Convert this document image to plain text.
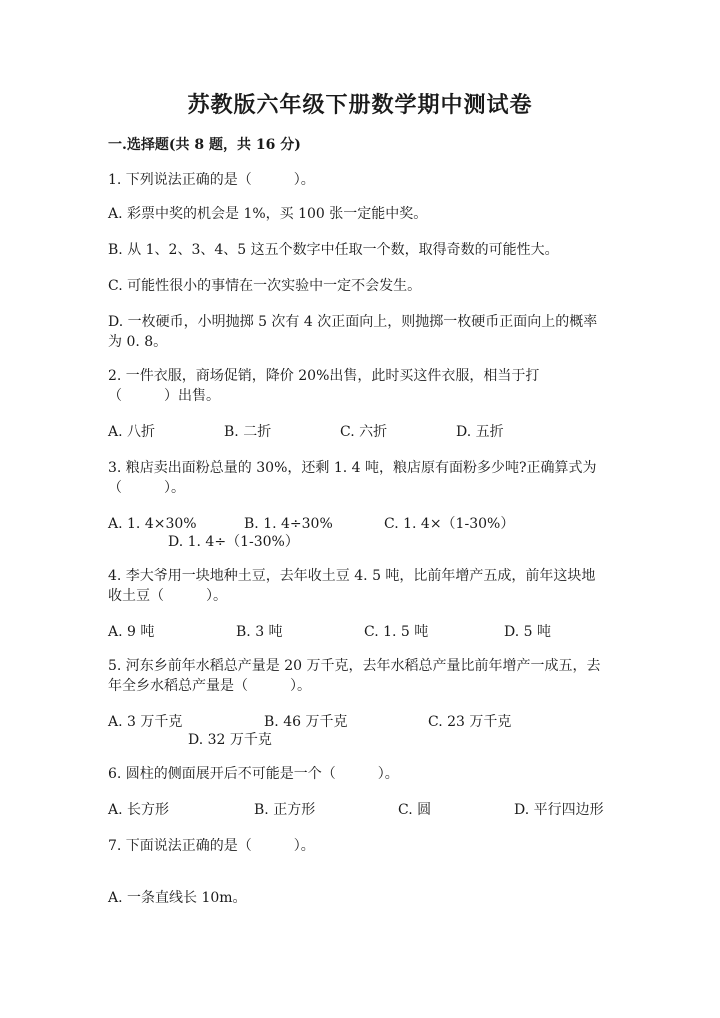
苏教版六年级下册数学期中测试卷
一.选择题(共 8 题，共 16 分)
1. 下列说法正确的是（　　　）。
A. 彩票中奖的机会是 1%，买 100 张一定能中奖。
B. 从 1、2、3、4、5 这五个数字中任取一个数，取得奇数的可能性大。
C. 可能性很小的事情在一次实验中一定不会发生。
D. 一枚硬币，小明抛掷 5 次有 4 次正面向上，则抛掷一枚硬币正面向上的概率
为 0. 8。
2. 一件衣服，商场促销，降价 20%出售，此时买这件衣服，相当于打
（　　　）出售。
A. 八折	B. 二折	C. 六折	D. 五折
3. 粮店卖出面粉总量的 30%，还剩 1. 4 吨，粮店原有面粉多少吨?正确算式为
（　　　）。
A. 1. 4×30%	B. 1. 4÷30%	C. 1. 4×（1-30%）
D. 1. 4÷（1-30%）
4. 李大爷用一块地种土豆，去年收土豆 4. 5 吨，比前年增产五成，前年这块地
收土豆（　　　）。
A. 9 吨	B. 3 吨	C. 1. 5 吨	D. 5 吨
5. 河东乡前年水稻总产量是 20 万千克，去年水稻总产量比前年增产一成五，去
年全乡水稻总产量是（　　　）。
A. 3 万千克	B. 46 万千克	C. 23 万千克
D. 32 万千克
6. 圆柱的侧面展开后不可能是一个（　　　）。
A. 长方形	B. 正方形	C. 圆	D. 平行四边形
7. 下面说法正确的是（　　　）。
A. 一条直线长 10m。
